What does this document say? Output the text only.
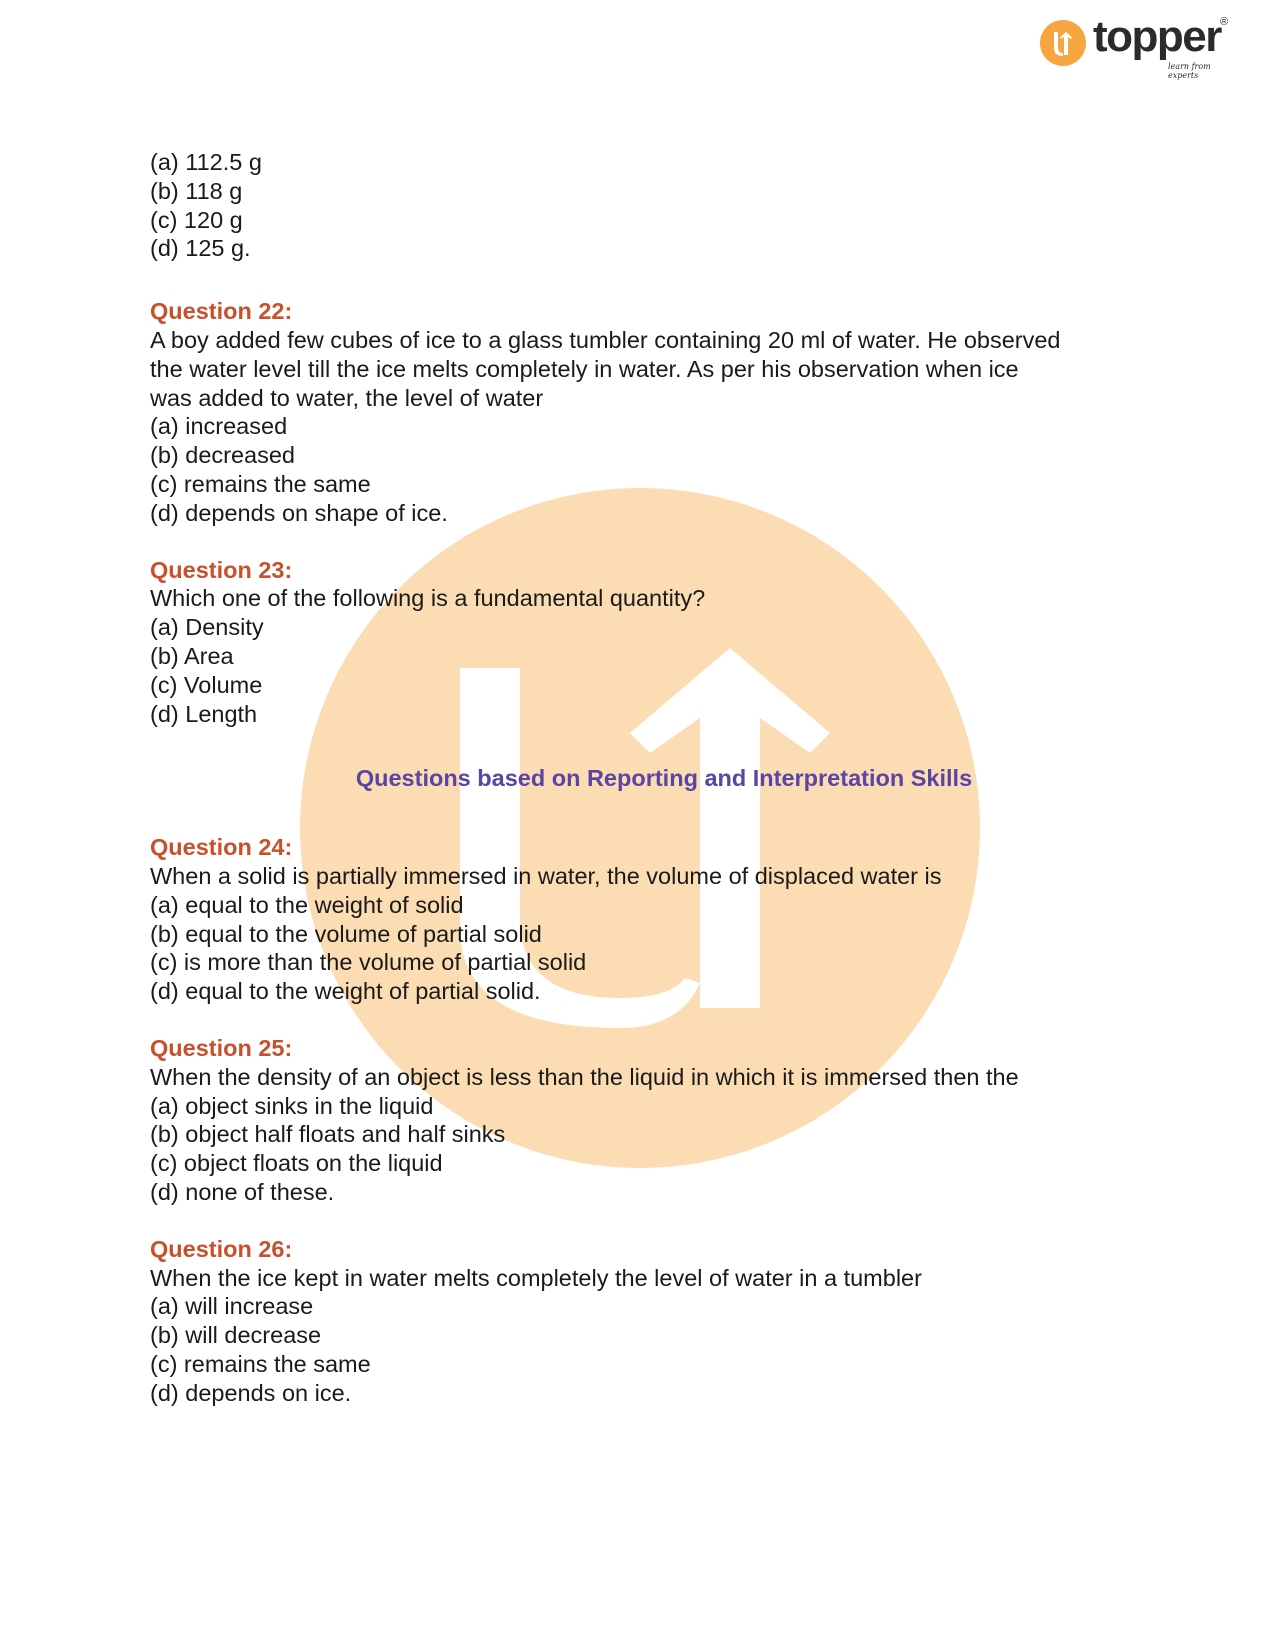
topper ®
learn from experts

(a) 112.5 g

(b) 118 g

(c) 120 g

(d) 125 g.

Question 22:

A boy added few cubes of ice to a glass tumbler containing 20 ml of water. He observed

the water level till the ice melts completely in water. As per his observation when ice

was added to water, the level of water

(a) increased

(b) decreased

(c) remains the same

(d) depends on shape of ice.

Question 23:

Which one of the following is a fundamental quantity?

(a) Density

(b) Area

(c) Volume

(d) Length

Questions based on Reporting and Interpretation Skills

Question 24:

When a solid is partially immersed in water, the volume of displaced water is

(a) equal to the weight of solid

(b) equal to the volume of partial solid

(c) is more than the volume of partial solid

(d) equal to the weight of partial solid.

Question 25:

When the density of an object is less than the liquid in which it is immersed then the

(a) object sinks in the liquid

(b) object half floats and half sinks

(c) object floats on the liquid

(d) none of these.

Question 26:

When the ice kept in water melts completely the level of water in a tumbler

(a) will increase

(b) will decrease

(c) remains the same

(d) depends on ice.
